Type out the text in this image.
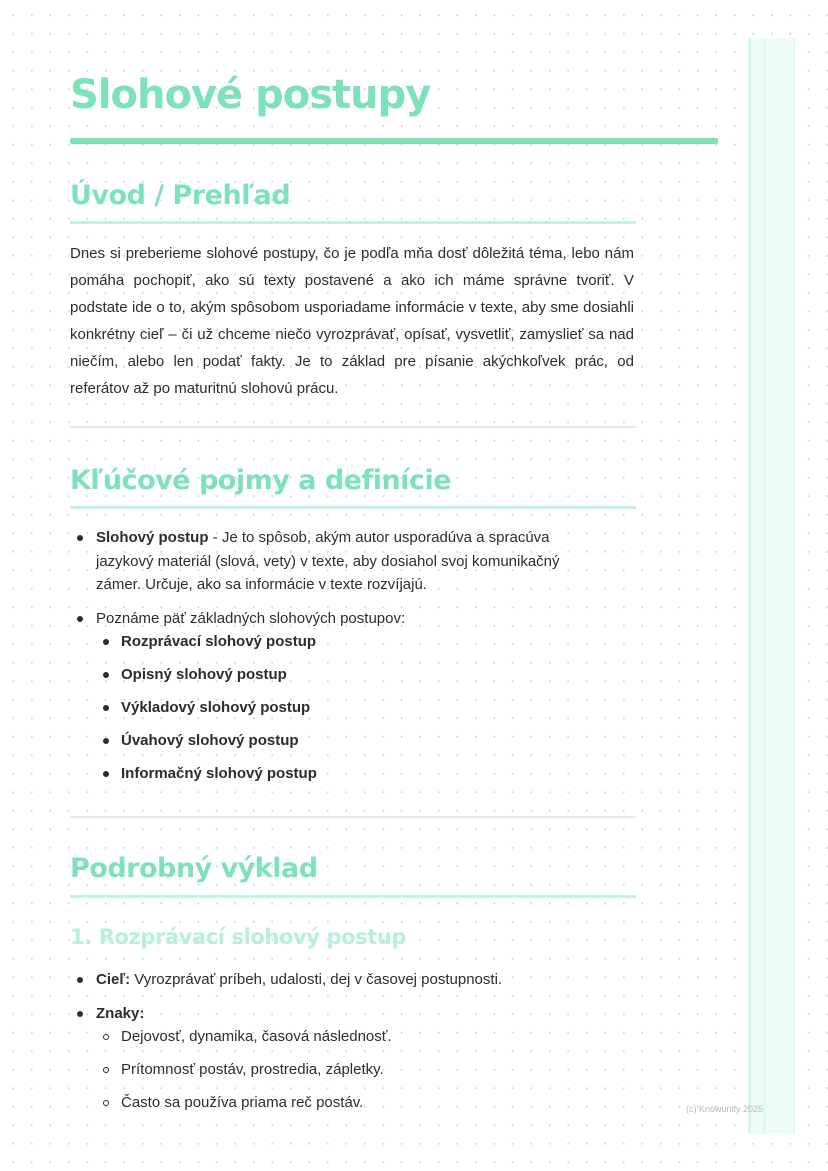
Slohové postupy
Úvod / Prehľad

Dnes si preberieme slohové postupy, čo je podľa mňa dosť dôležitá téma, lebo nám pomáha pochopiť, ako sú texty postavené a ako ich máme správne tvoriť. V podstate ide o to, akým spôsobom usporiadame informácie v texte, aby sme dosiahli konkrétny cieľ – či už chceme niečo vyrozprávať, opísať, vysvetliť, zamyslieť sa nad niečím, alebo len podať fakty. Je to základ pre písanie akýchkoľvek prác, od referátov až po maturitnú slohovú prácu.

Kľúčové pojmy a definície
Slohový postup - Je to spôsob, akým autor usporadúva a spracúva jazykový materiál (slová, vety) v texte, aby dosiahol svoj komunikačný zámer. Určuje, ako sa informácie v texte rozvíjajú.
Poznáme päť základných slohových postupov:
Rozprávací slohový postup
Opisný slohový postup
Výkladový slohový postup
Úvahový slohový postup
Informačný slohový postup
Podrobný výklad
1. Rozprávací slohový postup
Cieľ: Vyrozprávať príbeh, udalosti, dej v časovej postupnosti.
Znaky:
Dejovosť, dynamika, časová následnosť.
Prítomnosť postáv, prostredia, zápletky.
Často sa používa priama reč postáv.	(c) Knowunity 2025
